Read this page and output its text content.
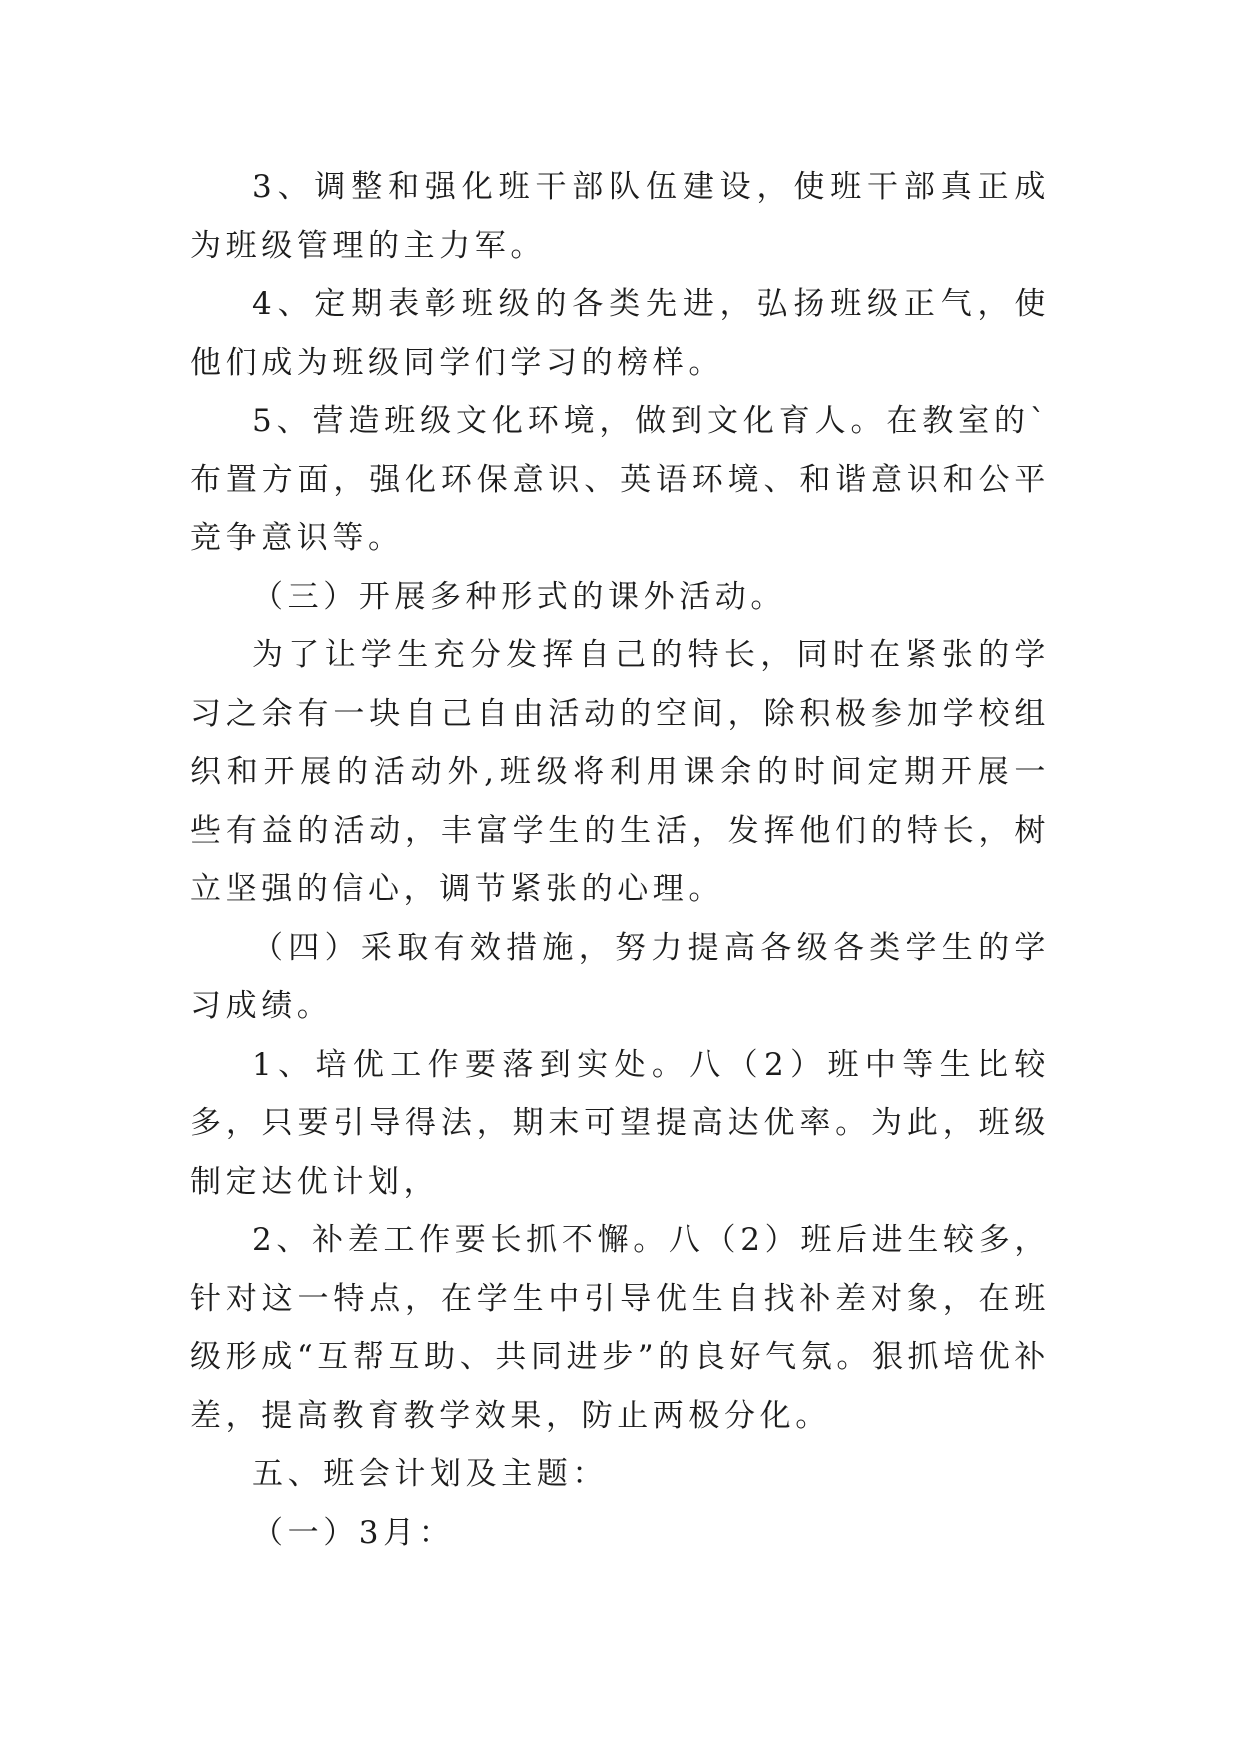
3、调整和强化班干部队伍建设，使班干部真正成为班级管理的主力军。

4、定期表彰班级的各类先进，弘扬班级正气，使他们成为班级同学们学习的榜样。

5、营造班级文化环境，做到文化育人。在教室的`布置方面，强化环保意识、英语环境、和谐意识和公平竞争意识等。

（三）开展多种形式的课外活动。

为了让学生充分发挥自己的特长，同时在紧张的学习之余有一块自己自由活动的空间，除积极参加学校组织和开展的活动外,班级将利用课余的时间定期开展一些有益的活动，丰富学生的生活，发挥他们的特长，树立坚强的信心，调节紧张的心理。

（四）采取有效措施，努力提高各级各类学生的学习成绩。

1、培优工作要落到实处。八（2）班中等生比较多，只要引导得法，期末可望提高达优率。为此，班级制定达优计划，

2、补差工作要长抓不懈。八（2）班后进生较多，针对这一特点，在学生中引导优生自找补差对象，在班级形成“互帮互助、共同进步”的良好气氛。狠抓培优补差，提高教育教学效果，防止两极分化。

五、班会计划及主题：

（一）3月：
